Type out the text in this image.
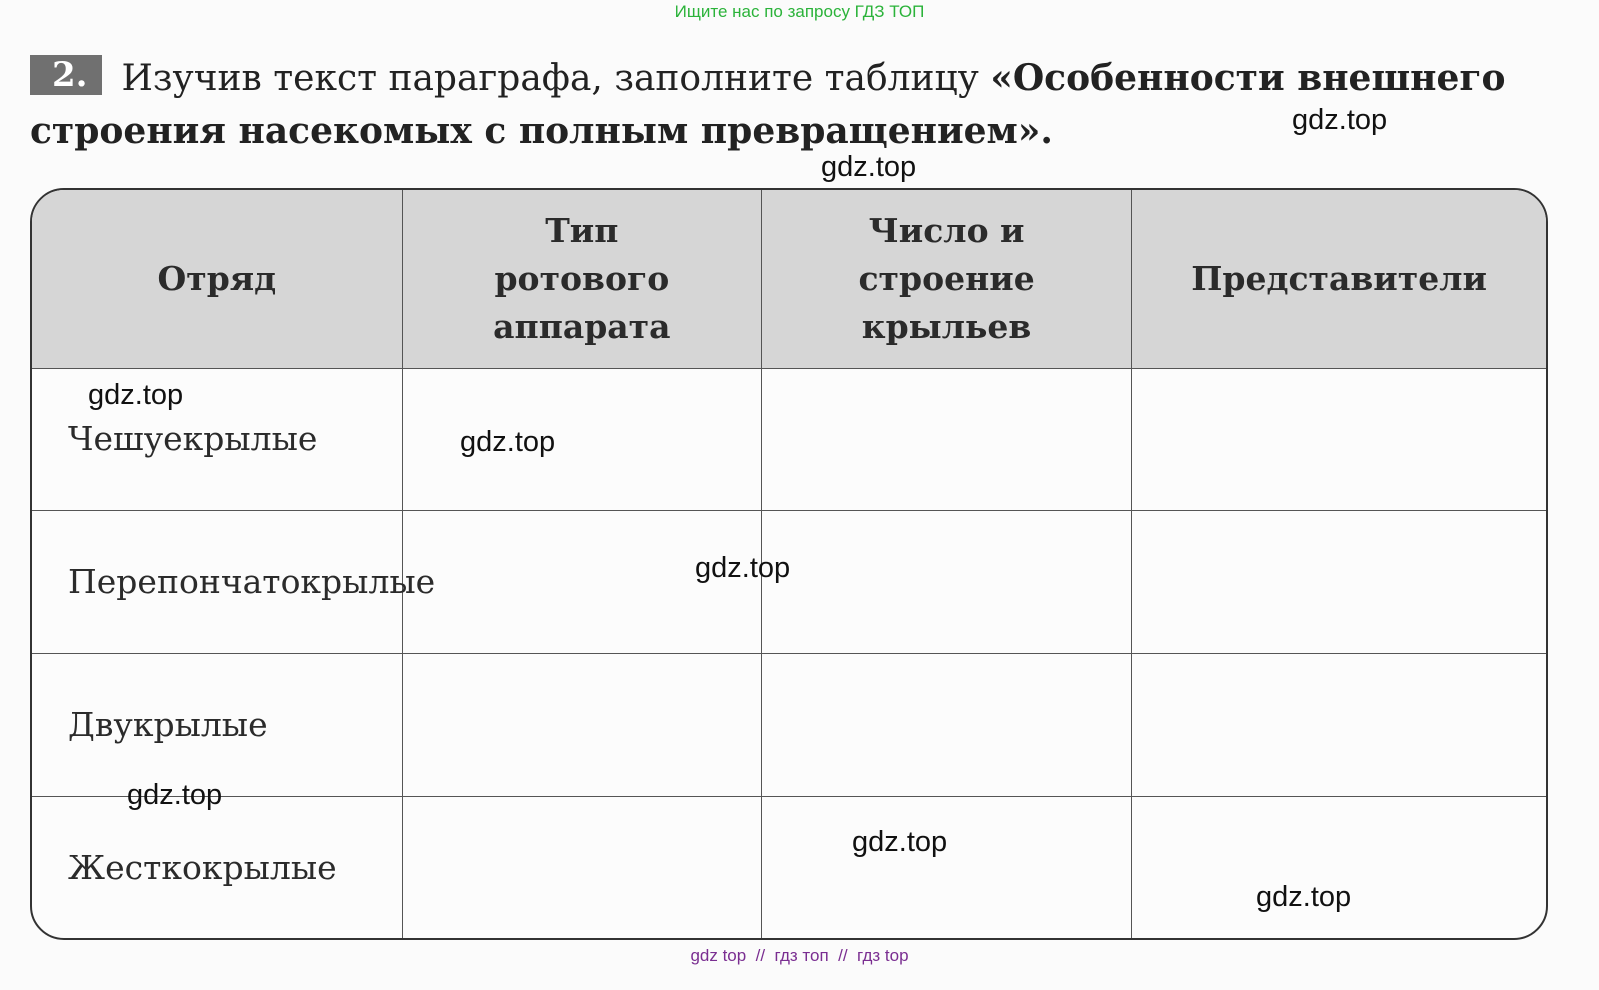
Ищите нас по запросу ГДЗ ТОП
2. Изучив текст параграфа, заполните таблицу «Особенности внешнего строения насекомых с полным превращением».
Отряд	Тип ротового аппарата	Число и строение крыльев	Представители
Чешуекрылые			

Перепончатокрылые			

Двукрылые			
Жесткокрылые			
gdz.top
gdz.top
gdz.top
gdz.top
gdz.top
gdz.top
gdz.top
gdz.top
gdz top  //  гдз топ  //  гдз top
